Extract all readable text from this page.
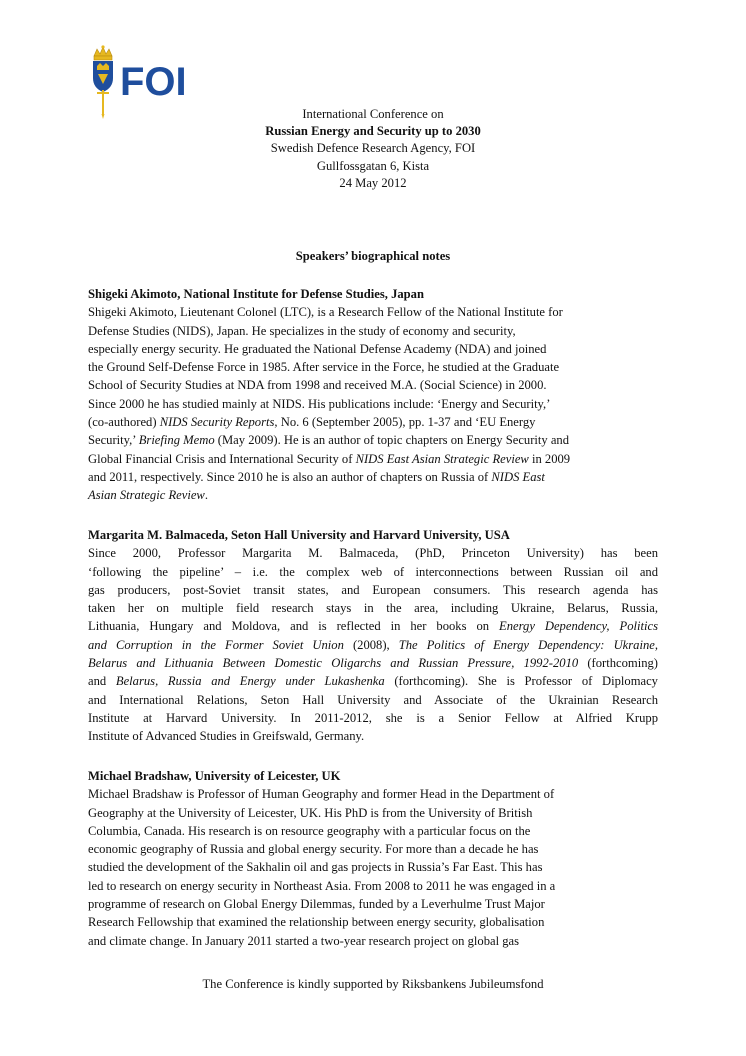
FOI
International Conference on
Russian Energy and Security up to 2030
Swedish Defence Research Agency, FOI
Gullfossgatan 6, Kista
24 May 2012
Speakers’ biographical notes
Shigeki Akimoto, National Institute for Defense Studies, Japan
Shigeki Akimoto, Lieutenant Colonel (LTC), is a Research Fellow of the National Institute for
Defense Studies (NIDS), Japan. He specializes in the study of economy and security,
especially energy security. He graduated the National Defense Academy (NDA) and joined
the Ground Self-Defense Force in 1985. After service in the Force, he studied at the Graduate
School of Security Studies at NDA from 1998 and received M.A. (Social Science) in 2000.
Since 2000 he has studied mainly at NIDS. His publications include: ‘Energy and Security,’
(co-authored) NIDS Security Reports, No. 6 (September 2005), pp. 1-37 and ‘EU Energy
Security,’ Briefing Memo (May 2009). He is an author of topic chapters on Energy Security and
Global Financial Crisis and International Security of NIDS East Asian Strategic Review in 2009
and 2011, respectively. Since 2010 he is also an author of chapters on Russia of NIDS East
Asian Strategic Review.
Margarita M. Balmaceda, Seton Hall University and Harvard University, USA
Since 2000, Professor Margarita M. Balmaceda, (PhD, Princeton University) has been
‘following the pipeline’ – i.e. the complex web of interconnections between Russian oil and
gas producers, post-Soviet transit states, and European consumers. This research agenda has
taken her on multiple field research stays in the area, including Ukraine, Belarus, Russia,
Lithuania, Hungary and Moldova, and is reflected in her books on Energy Dependency, Politics
and Corruption in the Former Soviet Union (2008), The Politics of Energy Dependency: Ukraine,
Belarus and Lithuania Between Domestic Oligarchs and Russian Pressure, 1992-2010 (forthcoming)
and Belarus, Russia and Energy under Lukashenka (forthcoming). She is Professor of Diplomacy
and International Relations, Seton Hall University and Associate of the Ukrainian Research
Institute at Harvard University. In 2011-2012, she is a Senior Fellow at Alfried Krupp
Institute of Advanced Studies in Greifswald, Germany.
Michael Bradshaw, University of Leicester, UK
Michael Bradshaw is Professor of Human Geography and former Head in the Department of
Geography at the University of Leicester, UK. His PhD is from the University of British
Columbia, Canada. His research is on resource geography with a particular focus on the
economic geography of Russia and global energy security. For more than a decade he has
studied the development of the Sakhalin oil and gas projects in Russia’s Far East. This has
led to research on energy security in Northeast Asia. From 2008 to 2011 he was engaged in a
programme of research on Global Energy Dilemmas, funded by a Leverhulme Trust Major
Research Fellowship that examined the relationship between energy security, globalisation
and climate change. In January 2011 started a two-year research project on global gas
The Conference is kindly supported by Riksbankens Jubileumsfond
